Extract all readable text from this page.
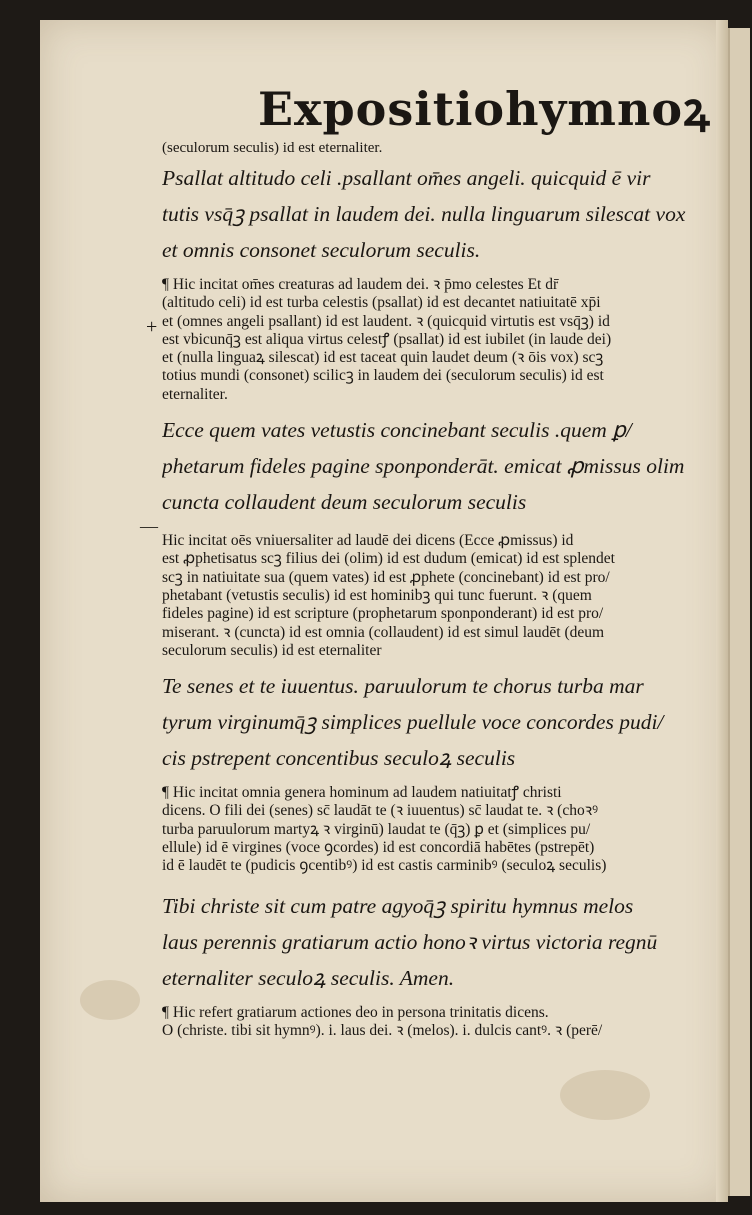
+
—
Expositio hymnoꝝ
(seculorum seculis) id est eternaliter.
Psallat altitudo celi .psallant om̄es angeli. quicquid ē vir
tutis vsq̄ꝫ psallat in laudem dei. nulla linguarum silescat vox
et omnis consonet seculorum seculis.
¶ Hic incitat om̄es creaturas ad laudem dei. ꝛ p̄mo celestes Et dr̄
(altitudo celi) id est turba celestis (psallat) id est decantet natiuitatē xp̄i
et (omnes angeli psallant) id est laudent. ꝛ (quicquid virtutis est vsq̄ꝫ) id
est vbicunq̄ꝫ est aliqua virtus celestꝭ (psallat) id est iubilet (in laude dei)
et (nulla linguaꝝ silescat) id est taceat quin laudet deum (ꝛ ōis vox) scꝫ
totius mundi (consonet) scilicꝫ in laudem dei (seculorum seculis) id est
eternaliter.
Ecce quem vates vetustis concinebant seculis .quem ꝑ/
phetarum fideles pagine sponponderāt. emicat ꝓmissus olim
cuncta collaudent deum seculorum seculis
Hic incitat oēs vniuersaliter ad laudē dei dicens (Ecce ꝓmissus) id
est ꝓphetisatus scꝫ filius dei (olim) id est dudum (emicat) id est splendet
scꝫ in natiuitate sua (quem vates) id est ꝓphete (concinebant) id est pro/
phetabant (vetustis seculis) id est hominibꝫ qui tunc fuerunt. ꝛ (quem
fideles pagine) id est scripture (prophetarum sponponderant) id est pro/
miserant. ꝛ (cuncta) id est omnia (collaudent) id est simul laudēt (deum
seculorum seculis) id est eternaliter
Te senes et te iuuentus. paruulorum te chorus turba mar
tyrum virginumq̄ꝫ simplices puellule voce concordes pudi/
cis pstrepent concentibus seculoꝝ seculis
¶ Hic incitat omnia genera hominum ad laudem natiuitatꝭ christi
dicens. O fili dei (senes) sc̄ laudāt te (ꝛ iuuentus) sc̄ laudat te. ꝛ (choꝛꝰ
turba paruulorum martyꝝ ꝛ virginū) laudat te (q̄ꝫ) ꝑ et (simplices pu/
ellule) id ē virgines (voce ꝯcordes) id est concordiā habētes (pstrepēt)
id ē laudēt te (pudicis ꝯcentibꝰ) id est castis carminibꝰ (seculoꝝ seculis)
Tibi christe sit cum patre agyoq̄ꝫ spiritu hymnus melos
laus perennis gratiarum actio honoꝛ virtus victoria regnū
eternaliter seculoꝝ seculis. Amen.
¶ Hic refert gratiarum actiones deo in persona trinitatis dicens.
O (christe. tibi sit hymnꝰ). i. laus dei. ꝛ (melos). i. dulcis cantꝰ. ꝛ (perē/
